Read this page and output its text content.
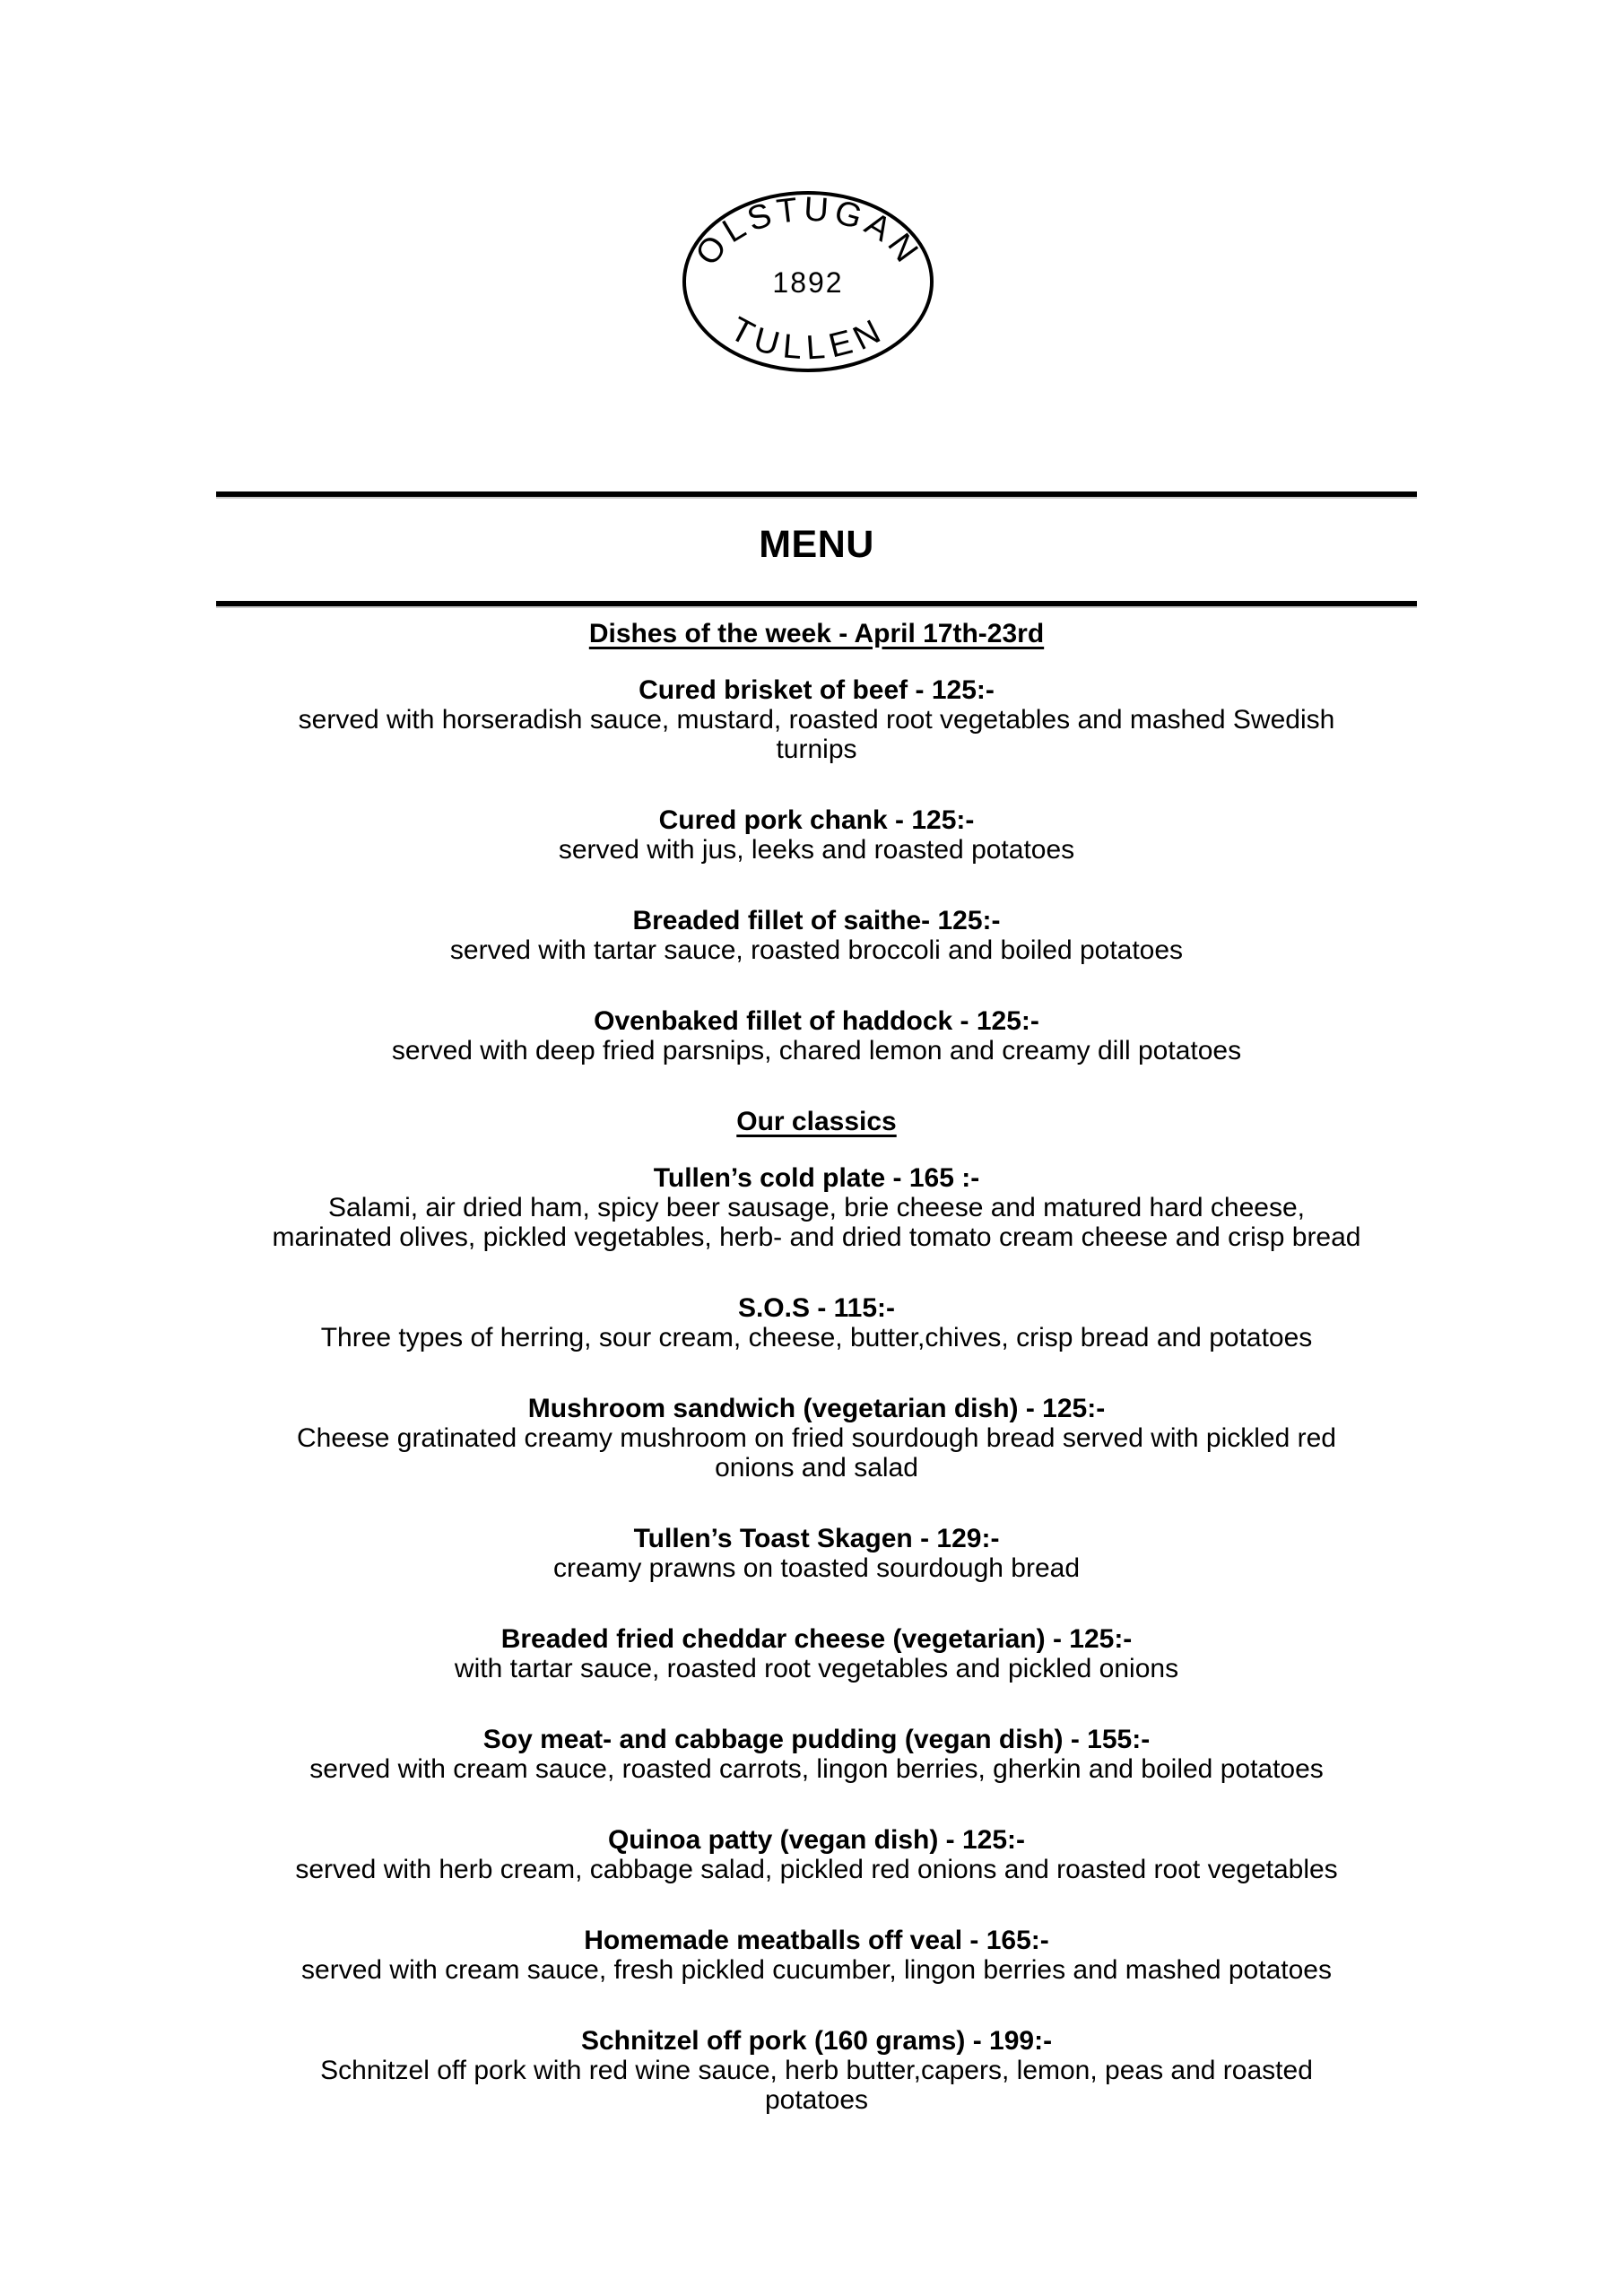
ÖLSTUGAN
1892
TULLEN
MENU
Dishes of the week - April 17th-23rd
Cured brisket of beef - 125:-
served with horseradish sauce, mustard, roasted root vegetables and mashed Swedish turnips
Cured pork chank - 125:-
served with jus, leeks and roasted potatoes
Breaded fillet of saithe- 125:-
served with tartar sauce, roasted broccoli and boiled potatoes
Ovenbaked fillet of haddock - 125:-
served with deep fried parsnips, chared lemon and creamy dill potatoes
Our classics
Tullen’s cold plate - 165 :-
Salami, air dried ham, spicy beer sausage, brie cheese and matured hard cheese, marinated olives, pickled vegetables, herb- and dried tomato cream cheese and crisp bread
S.O.S - 115:-
Three types of herring, sour cream, cheese, butter,chives, crisp bread and potatoes
Mushroom sandwich (vegetarian dish) - 125:-
Cheese gratinated creamy mushroom on fried sourdough bread served with pickled red onions and salad
Tullen’s Toast Skagen - 129:-
creamy prawns on toasted sourdough bread
Breaded fried cheddar cheese (vegetarian) - 125:-
with tartar sauce, roasted root vegetables and pickled onions
Soy meat- and cabbage pudding (vegan dish) - 155:-
served with cream sauce, roasted carrots, lingon berries, gherkin and boiled potatoes
Quinoa patty (vegan dish) - 125:-
served with herb cream, cabbage salad, pickled red onions and roasted root vegetables
Homemade meatballs off veal - 165:-
served with cream sauce, fresh pickled cucumber, lingon berries and mashed potatoes
Schnitzel off pork (160 grams) - 199:-
Schnitzel off pork with red wine sauce, herb butter,capers, lemon, peas and roasted potatoes
